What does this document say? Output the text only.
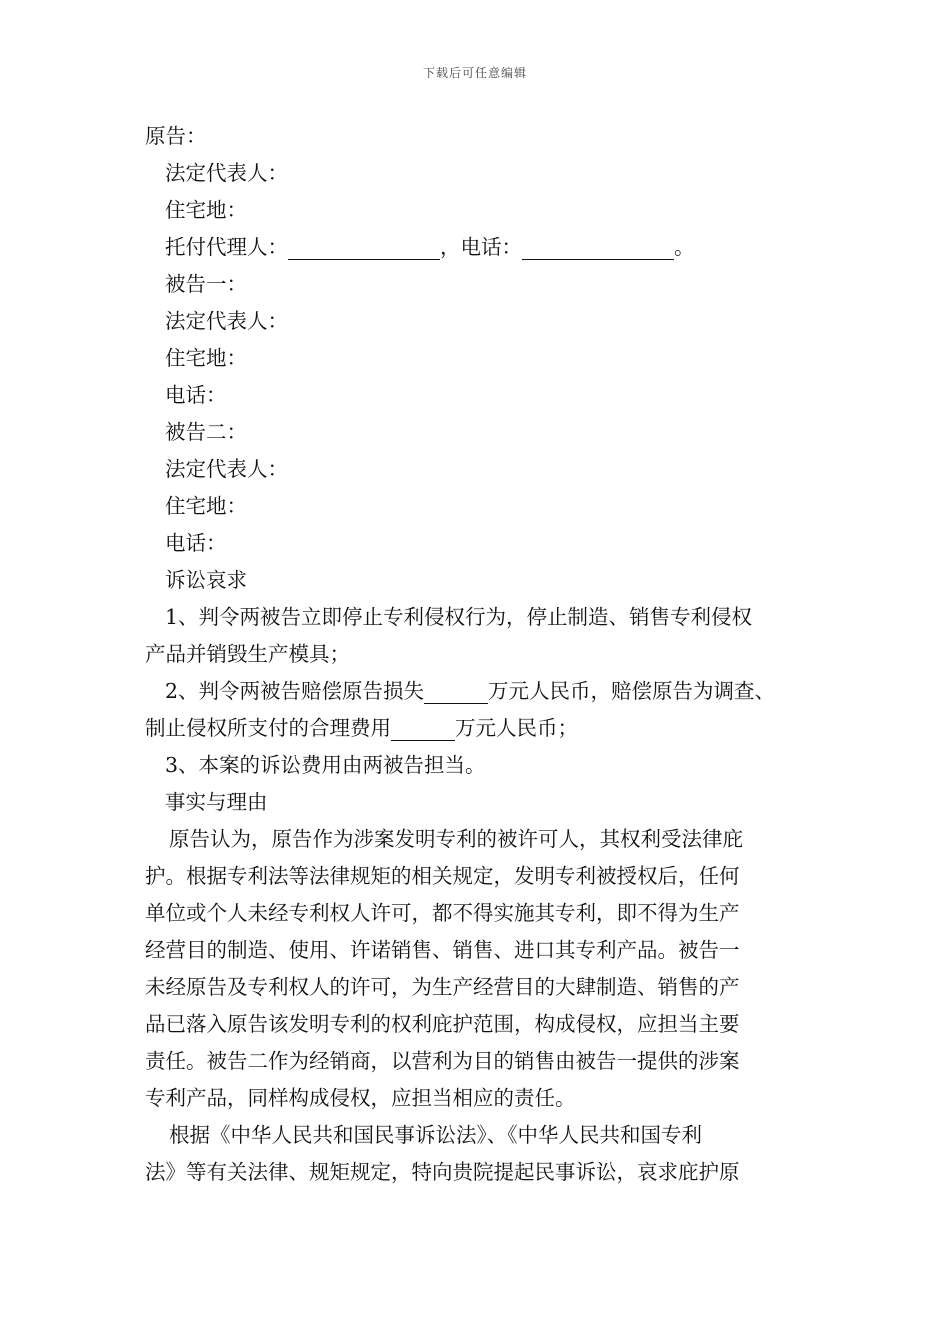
下载后可任意编辑
原告：
法定代表人：
住宅地：
托付代理人：	，电话：	。
被告一：
法定代表人：
住宅地：
电话：
被告二：
法定代表人：
住宅地：
电话：
诉讼哀求
1、判令两被告立即停止专利侵权行为，停止制造、销售专利侵权
产品并销毁生产模具；
2、判令两被告赔偿原告损失	万元人民币，赔偿原告为调查、
制止侵权所支付的合理费用	万元人民币；
3、本案的诉讼费用由两被告担当。
事实与理由
原告认为，原告作为涉案发明专利的被许可人，其权利受法律庇
护。根据专利法等法律规矩的相关规定，发明专利被授权后，任何
单位或个人未经专利权人许可，都不得实施其专利，即不得为生产
经营目的制造、使用、许诺销售、销售、进口其专利产品。被告一
未经原告及专利权人的许可，为生产经营目的大肆制造、销售的产
品已落入原告该发明专利的权利庇护范围，构成侵权，应担当主要
责任。被告二作为经销商，以营利为目的销售由被告一提供的涉案
专利产品，同样构成侵权，应担当相应的责任。
根据《中华人民共和国民事诉讼法》、《中华人民共和国专利
法》等有关法律、规矩规定，特向贵院提起民事诉讼，哀求庇护原
